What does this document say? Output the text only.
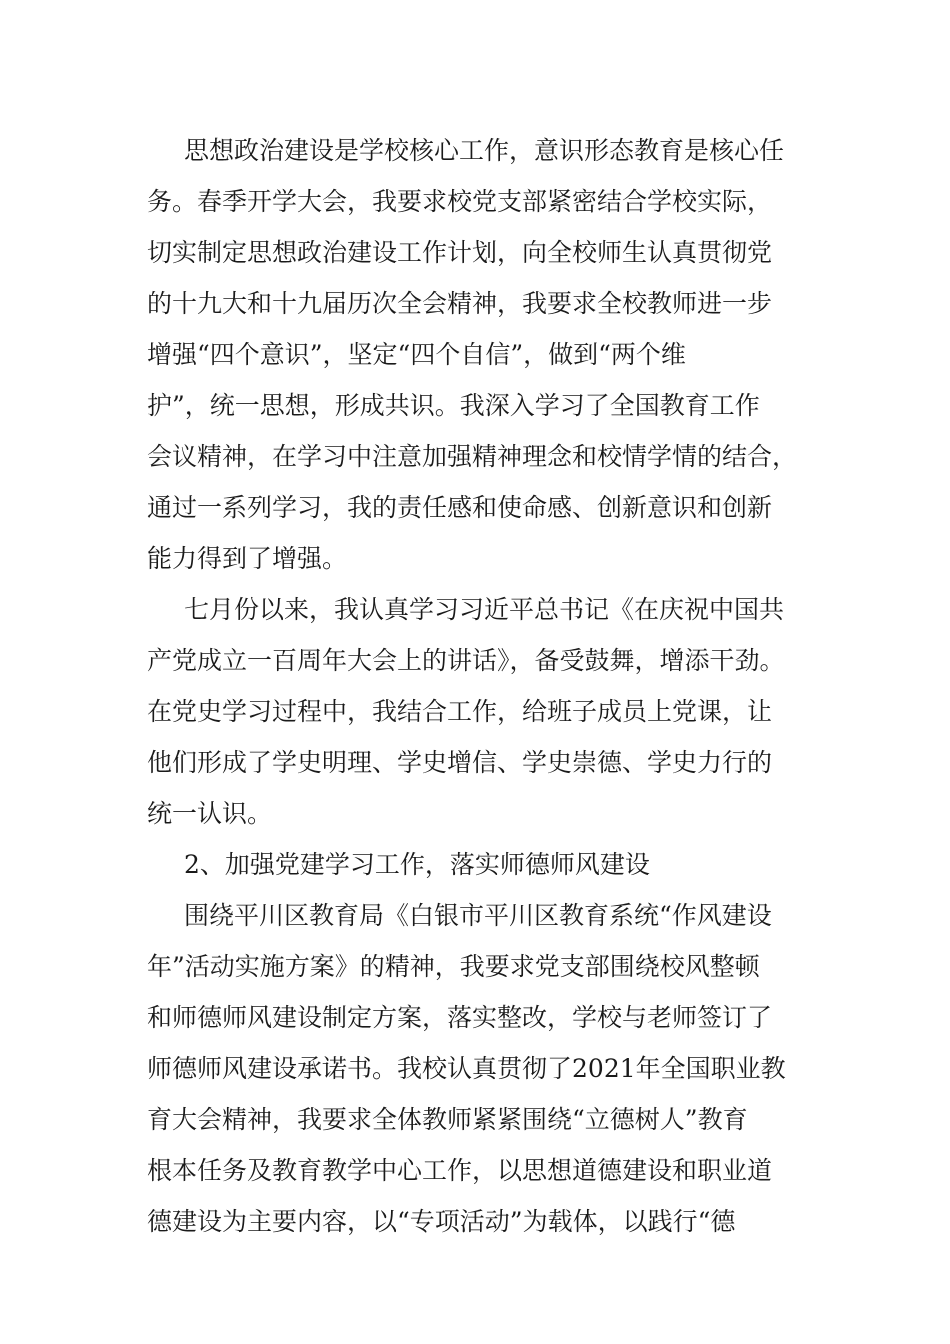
思想政治建设是学校核心工作，意识形态教育是核心任
务。春季开学大会，我要求校党支部紧密结合学校实际，
切实制定思想政治建设工作计划，向全校师生认真贯彻党
的十九大和十九届历次全会精神，我要求全校教师进一步
增强“四个意识”，坚定“四个自信”，做到“两个维
护”，统一思想，形成共识。我深入学习了全国教育工作
会议精神，在学习中注意加强精神理念和校情学情的结合，
通过一系列学习，我的责任感和使命感、创新意识和创新
能力得到了增强。
七月份以来，我认真学习习近平总书记《在庆祝中国共
产党成立一百周年大会上的讲话》，备受鼓舞，增添干劲。
在党史学习过程中，我结合工作，给班子成员上党课，让
他们形成了学史明理、学史增信、学史崇德、学史力行的
统一认识。
2、加强党建学习工作，落实师德师风建设
围绕平川区教育局《白银市平川区教育系统“作风建设
年”活动实施方案》的精神，我要求党支部围绕校风整顿
和师德师风建设制定方案，落实整改，学校与老师签订了
师德师风建设承诺书。我校认真贯彻了2021年全国职业教
育大会精神，我要求全体教师紧紧围绕“立德树人”教育
根本任务及教育教学中心工作，以思想道德建设和职业道
德建设为主要内容，以“专项活动”为载体，以践行“德
